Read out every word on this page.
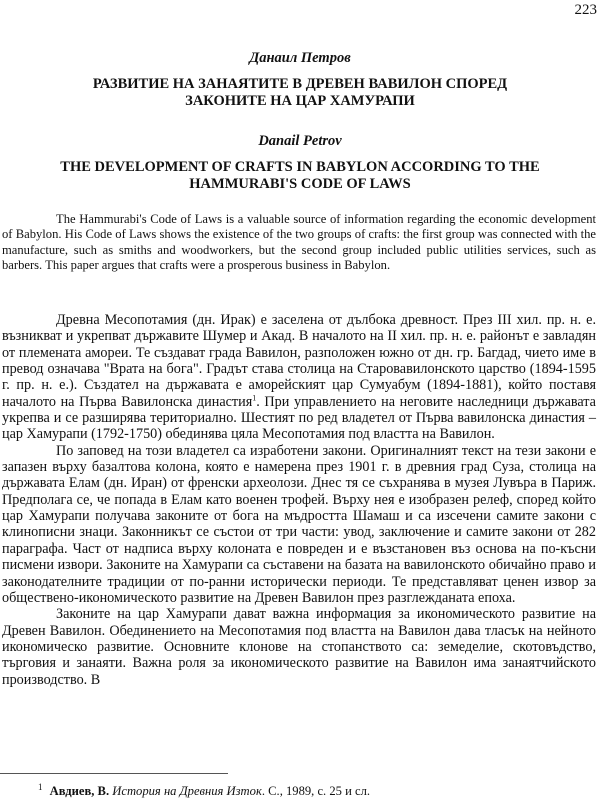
223
Данаил Петров
РАЗВИТИЕ НА ЗАНАЯТИТЕ В ДРЕВЕН ВАВИЛОН СПОРЕД
ЗАКОНИТЕ НА ЦАР ХАМУРАПИ
Danail Petrov
THE DEVELOPMENT OF CRAFTS IN BABYLON ACCORDING TO THE
HAMMURABI'S CODE OF LAWS

The Hammurabi's Code of Laws is a valuable source of information regarding the economic development of Babylon. His Code of Laws shows the existence of the two groups of crafts: the first group was connected with the manufacture, such as smiths and woodworkers, but the second group included public utilities services, such as barbers. This paper argues that crafts were a prosperous business in Babylon.

Древна Месопотамия (дн. Ирак) е заселена от дълбока древност. През III хил. пр. н. е. възникват и укрепват държавите Шумер и Акад. В началото на II хил. пр. н. е. районът е завладян от племената амореи. Те създават града Вавилон, разположен южно от дн. гр. Багдад, чието име в превод означава "Врата на бога". Градът става столица на Старовавилонското царство (1894-1595 г. пр. н. е.). Създател на държавата е аморейският цар Сумуабум (1894-1881), който поставя началото на Първа Вавилонска династия$^1$. При управлението на неговите наследници държавата укрепва и се разширява териториално. Шестият по ред владетел от Първа вавилонска династия – цар Хамурапи (1792-1750) обединява цяла Месопотамия под властта на Вавилон.

По заповед на този владетел са изработени закони. Оригиналният текст на тези закони е запазен върху базалтова колона, която е намерена през 1901 г. в древния град Суза, столица на държавата Елам (дн. Иран) от френски археолози. Днес тя се съхранява в музея Лувъра в Париж. Предполага се, че попада в Елам като военен трофей. Върху нея е изобразен релеф, според който цар Хамурапи получава законите от бога на мъдростта Шамаш и са изсечени самите закони с клинописни знаци. Законникът се състои от три части: увод, заключение и самите закони от 282 параграфа. Част от надписа върху колоната е повреден и е възстановен въз основа на по-късни писмени извори. Законите на Хамурапи са съставени на базата на вавилонското обичайно право и законодателните традиции от по-ранни исторически периоди. Те представляват ценен извор за обществено-икономическото развитие на Древен Вавилон през разглежданата епоха.

Законите на цар Хамурапи дават важна информация за икономическото развитие на Древен Вавилон. Обединението на Месопотамия под властта на Вавилон дава тласък на нейното икономическо развитие. Основните клонове на стопанството са: земеделие, скотовъдство, търговия и занаяти. Важна роля за икономическото развитие на Вавилон има занаятчийското производство. В

$^1$ Авдиев, В. История на Древния Изток. С., 1989, с. 25 и сл.
